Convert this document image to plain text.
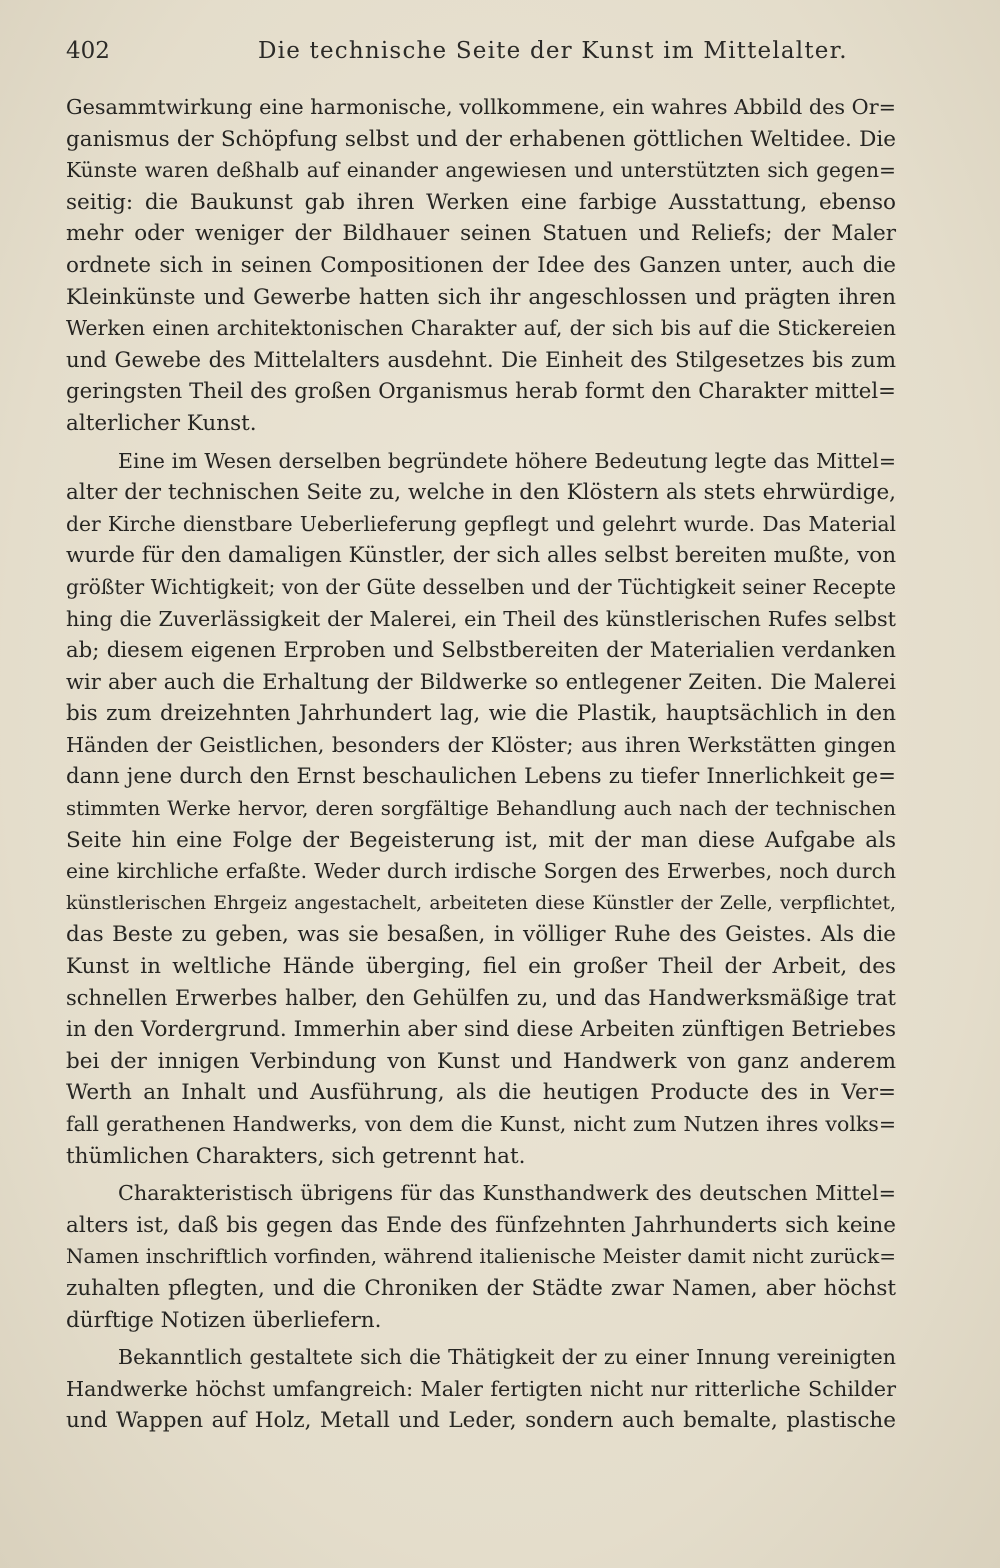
402	Die technische Seite der Kunst im Mittelalter.
Gesammtwirkung eine harmonische, vollkommene, ein wahres Abbild des Or=
ganismus der Schöpfung selbst und der erhabenen göttlichen Weltidee. Die
Künste waren deßhalb auf einander angewiesen und unterstützten sich gegen=
seitig: die Baukunst gab ihren Werken eine farbige Ausstattung, ebenso
mehr oder weniger der Bildhauer seinen Statuen und Reliefs; der Maler
ordnete sich in seinen Compositionen der Idee des Ganzen unter, auch die
Kleinkünste und Gewerbe hatten sich ihr angeschlossen und prägten ihren
Werken einen architektonischen Charakter auf, der sich bis auf die Stickereien
und Gewebe des Mittelalters ausdehnt. Die Einheit des Stilgesetzes bis zum
geringsten Theil des großen Organismus herab formt den Charakter mittel=
alterlicher Kunst.
Eine im Wesen derselben begründete höhere Bedeutung legte das Mittel=
alter der technischen Seite zu, welche in den Klöstern als stets ehrwürdige,
der Kirche dienstbare Ueberlieferung gepflegt und gelehrt wurde. Das Material
wurde für den damaligen Künstler, der sich alles selbst bereiten mußte, von
größter Wichtigkeit; von der Güte desselben und der Tüchtigkeit seiner Recepte
hing die Zuverlässigkeit der Malerei, ein Theil des künstlerischen Rufes selbst
ab; diesem eigenen Erproben und Selbstbereiten der Materialien verdanken
wir aber auch die Erhaltung der Bildwerke so entlegener Zeiten. Die Malerei
bis zum dreizehnten Jahrhundert lag, wie die Plastik, hauptsächlich in den
Händen der Geistlichen, besonders der Klöster; aus ihren Werkstätten gingen
dann jene durch den Ernst beschaulichen Lebens zu tiefer Innerlichkeit ge=
stimmten Werke hervor, deren sorgfältige Behandlung auch nach der technischen
Seite hin eine Folge der Begeisterung ist, mit der man diese Aufgabe als
eine kirchliche erfaßte. Weder durch irdische Sorgen des Erwerbes, noch durch
künstlerischen Ehrgeiz angestachelt, arbeiteten diese Künstler der Zelle, verpflichtet,
das Beste zu geben, was sie besaßen, in völliger Ruhe des Geistes. Als die
Kunst in weltliche Hände überging, fiel ein großer Theil der Arbeit, des
schnellen Erwerbes halber, den Gehülfen zu, und das Handwerksmäßige trat
in den Vordergrund. Immerhin aber sind diese Arbeiten zünftigen Betriebes
bei der innigen Verbindung von Kunst und Handwerk von ganz anderem
Werth an Inhalt und Ausführung, als die heutigen Producte des in Ver=
fall gerathenen Handwerks, von dem die Kunst, nicht zum Nutzen ihres volks=
thümlichen Charakters, sich getrennt hat.
Charakteristisch übrigens für das Kunsthandwerk des deutschen Mittel=
alters ist, daß bis gegen das Ende des fünfzehnten Jahrhunderts sich keine
Namen inschriftlich vorfinden, während italienische Meister damit nicht zurück=
zuhalten pflegten, und die Chroniken der Städte zwar Namen, aber höchst
dürftige Notizen überliefern.
Bekanntlich gestaltete sich die Thätigkeit der zu einer Innung vereinigten
Handwerke höchst umfangreich: Maler fertigten nicht nur ritterliche Schilder
und Wappen auf Holz, Metall und Leder, sondern auch bemalte, plastische
